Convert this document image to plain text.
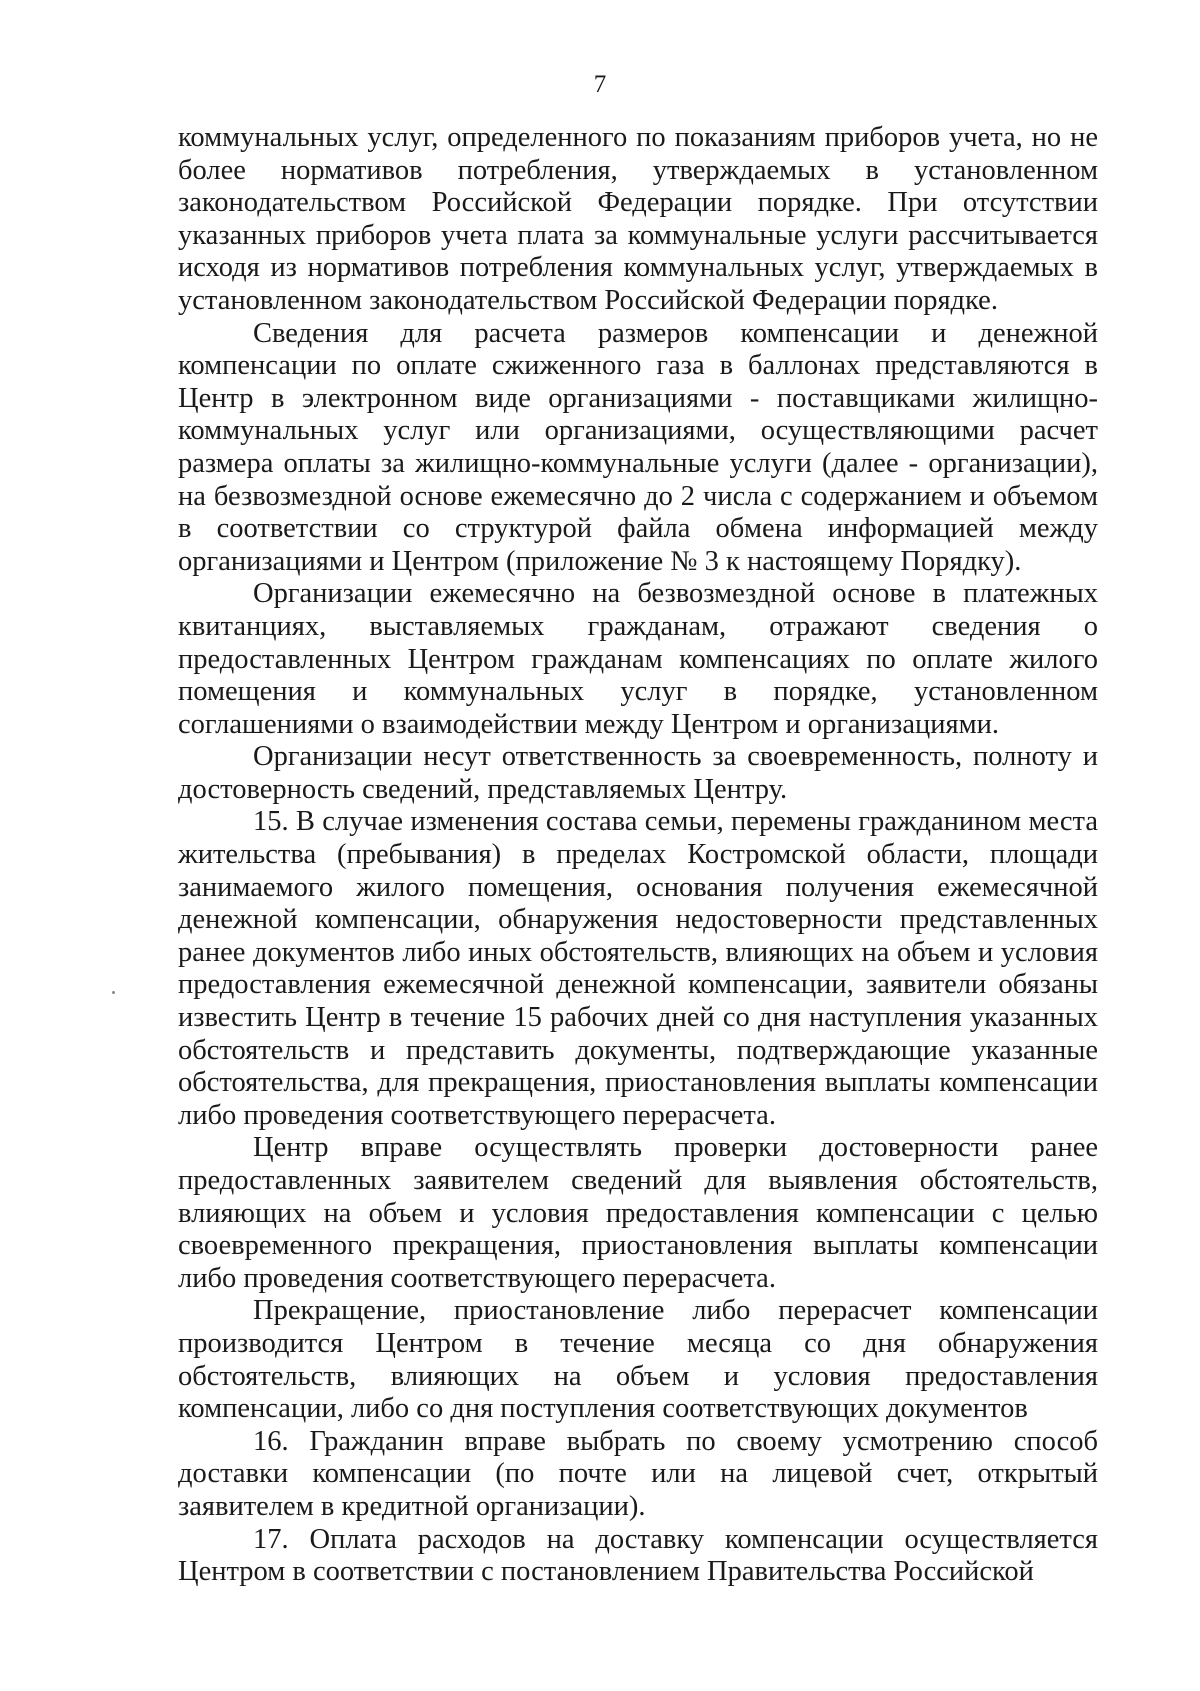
7

коммунальных услуг, определенного по показаниям приборов учета, но не более нормативов потребления, утверждаемых в установленном законодательством Российской Федерации порядке. При отсутствии указанных приборов учета плата за коммунальные услуги рассчитывается исходя из нормативов потребления коммунальных услуг, утверждаемых в установленном законодательством Российской Федерации порядке.

Сведения для расчета размеров компенсации и денежной компенсации по оплате сжиженного газа в баллонах представляются в Центр в электронном виде организациями - поставщиками жилищно-коммунальных услуг или организациями, осуществляющими расчет размера оплаты за жилищно-коммунальные услуги (далее - организации), на безвозмездной основе ежемесячно до 2 числа с содержанием и объемом в соответствии со структурой файла обмена информацией между организациями и Центром (приложение № 3 к настоящему Порядку).

Организации ежемесячно на безвозмездной основе в платежных квитанциях, выставляемых гражданам, отражают сведения о предоставленных Центром гражданам компенсациях по оплате жилого помещения и коммунальных услуг в порядке, установленном соглашениями о взаимодействии между Центром и организациями.

Организации несут ответственность за своевременность, полноту и достоверность сведений, представляемых Центру.

15. В случае изменения состава семьи, перемены гражданином места жительства (пребывания) в пределах Костромской области, площади занимаемого жилого помещения, основания получения ежемесячной денежной компенсации, обнаружения недостоверности представленных ранее документов либо иных обстоятельств, влияющих на объем и условия предоставления ежемесячной денежной компенсации, заявители обязаны известить Центр в течение 15 рабочих дней со дня наступления указанных обстоятельств и представить документы, подтверждающие указанные обстоятельства, для прекращения, приостановления выплаты компенсации либо проведения соответствующего перерасчета.

Центр вправе осуществлять проверки достоверности ранее предоставленных заявителем сведений для выявления обстоятельств, влияющих на объем и условия предоставления компенсации с целью своевременного прекращения, приостановления выплаты компенсации либо проведения соответствующего перерасчета.

Прекращение, приостановление либо перерасчет компенсации производится Центром в течение месяца со дня обнаружения обстоятельств, влияющих на объем и условия предоставления компенсации, либо со дня поступления соответствующих документов

16. Гражданин вправе выбрать по своему усмотрению способ доставки компенсации (по почте или на лицевой счет, открытый заявителем в кредитной организации).

17. Оплата расходов на доставку компенсации осуществляется Центром в соответствии с постановлением Правительства Российской
